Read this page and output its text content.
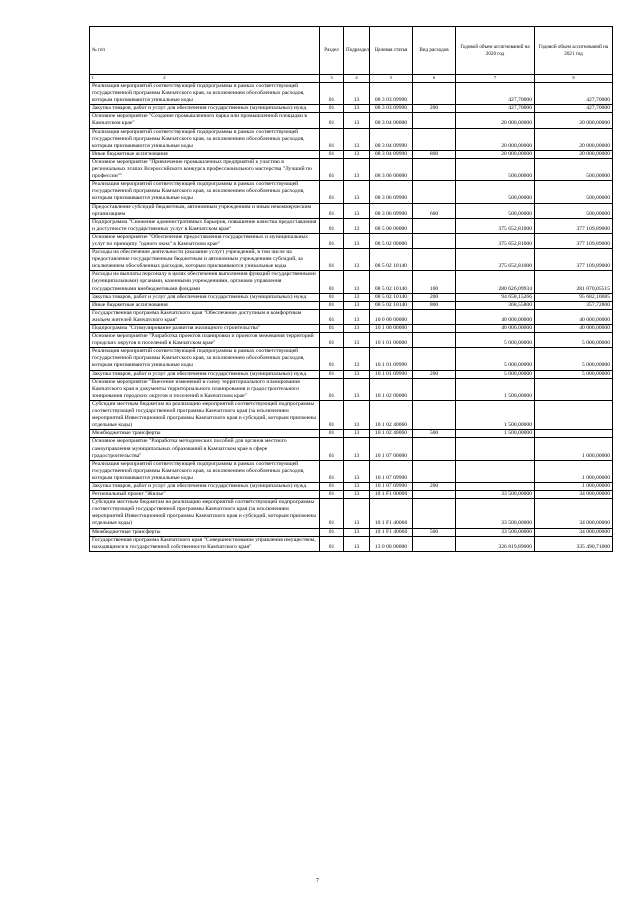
№ п/п	Раздел	Подраздел	Целевая статья	Вид расходов	Годовой объем ассигнований на 2020 год	Годовой объем ассигнований на 2021 год
	1 2	3	4	5	6	7	8
	Реализация мероприятий соответствующей подпрограммы в рамках соответствующей государственной программы Камчатского края, за исключением обособленных расходов, которым присваиваются уникальные коды	01	13	08 3 03 09990		427,70000	427,70000
	Закупка товаров, работ и услуг для обеспечения государственных (муниципальных) нужд	01	13	08 3 03 09990	200	427,70000	427,70000
	Основное мероприятие "Создание промышленного парка или промышленной площадки в Камчатском крае"	01	13	08 3 04 00000		20 000,00000	20 000,00000
	Реализация мероприятий соответствующей подпрограммы в рамках соответствующей государственной программы Камчатского края, за исключением обособленных расходов, которым присваиваются уникальные коды	01	13	08 3 04 09990		20 000,00000	20 000,00000
	Иные бюджетные ассигнования	01	13	08 3 04 09990	800	20 000,00000	20 000,00000
	Основное мероприятие "Привлечение промышленных предприятий к участию в региональных этапах Всероссийского конкурса профессионального мастерства "Лучший по профессии""	01	13	08 3 06 00000		500,00000	500,00000
	Реализация мероприятий соответствующей подпрограммы в рамках соответствующей государственной программы Камчатского края, за исключением обособленных расходов, которым присваиваются уникальные коды	01	13	08 3 06 09990		500,00000	500,00000
	Предоставление субсидий бюджетным, автономным учреждениям и иным некоммерческим организациям	01	13	08 3 06 09990	600	500,00000	500,00000
	Подпрограмма "Снижение административных барьеров, повышение качества предоставления и доступности государственных услуг в Камчатском крае"	01	13	08 5 00 00000		375 652,81000	377 109,89000
	Основное мероприятие "Обеспечение предоставления государственных и муниципальных услуг по принципу "одного окна" в Камчатском крае"	01	13	08 5 02 00000		375 652,81000	377 109,89000
	Расходы на обеспечение деятельности (оказание услуг) учреждений, в том числе на предоставление государственным бюджетным и автономным учреждениям субсидий, за исключением обособленных расходов, которым присваиваются уникальные коды	01	13	08 5 02 10140		375 652,81000	377 109,89000
	Расходы на выплаты персоналу в целях обеспечения выполнения функций государственными (муниципальными) органами, казенными учреждениями, органами управления государственными внебюджетными фондами	01	13	08 5 02 10140	100	280 626,09934	281 070,05515
	Закупка товаров, работ и услуг для обеспечения государственных (муниципальных) нужд	01	13	08 5 02 10140	200	94 658,15266	95 682,10685
	Иные бюджетные ассигнования	01	13	08 5 02 10140	800	368,55800	357,72800
	Государственная программа Камчатского края "Обеспечение доступным и комфортным жильем жителей Камчатского края"	01	13	10 0 00 00000		40 000,00000	40 000,00000
	Подпрограмма "Стимулирование развития жилищного строительства"	01	13	10 1 00 00000		40 000,00000	40 000,00000
	Основное мероприятие "Разработка проектов планировки и проектов межевания территорий городских округов и поселений в Камчатском крае"	01	13	10 1 01 00000		5 000,00000	5 000,00000
	Реализация мероприятий соответствующей подпрограммы в рамках соответствующей государственной программы Камчатского края, за исключением обособленных расходов, которым присваиваются уникальные коды	01	13	10 1 01 09990		5 000,00000	5 000,00000
	Закупка товаров, работ и услуг для обеспечения государственных (муниципальных) нужд	01	13	10 1 01 09990	200	5 000,00000	5 000,00000
	Основное мероприятие "Внесение изменений в схему территориального планирования Камчатского края и документы территориального планирования и градостроительного зонирования городских округов и поселений в Камчатском крае"	01	13	10 1 02 00000		1 500,00000	
	Субсидии местным бюджетам на реализацию мероприятий соответствующей подпрограммы соответствующей государственной программы Камчатского края (за исключением мероприятий Инвестиционной программы Камчатского края и субсидий, которым присвоены отдельные коды)	01	13	10 1 02 40060		1 500,00000	
	Межбюджетные трансферты	01	13	10 1 02 40060	500	1 500,00000	
	Основное мероприятие "Разработка методических пособий для органов местного самоуправления муниципальных образований в Камчатском крае в сфере градостроительства"	01	13	10 1 07 00000			1 000,00000
	Реализация мероприятий соответствующей подпрограммы в рамках соответствующей государственной программы Камчатского края, за исключением обособленных расходов, которым присваиваются уникальные коды	01	13	10 1 07 09990			1 000,00000
	Закупка товаров, работ и услуг для обеспечения государственных (муниципальных) нужд	01	13	10 1 07 09990	200		1 000,00000
	Региональный проект "Жилье"	01	13	10 1 F1 00000		33 500,00000	34 000,00000
	Субсидии местным бюджетам на реализацию мероприятий соответствующей подпрограммы соответствующей государственной программы Камчатского края (за исключением мероприятий Инвестиционной программы Камчатского края и субсидий, которым присвоены отдельные коды)	01	13	10 1 F1 40060		33 500,00000	34 000,00000
	Межбюджетные трансферты	01	13	10 1 F1 40060	500	33 500,00000	34 000,00000
	Государственная программа Камчатского края "Совершенствование управления имуществом, находящимся в государственной собственности Камчатского края"	01	13	13 0 00 00000		326 819,89000	335 490,71000
7
